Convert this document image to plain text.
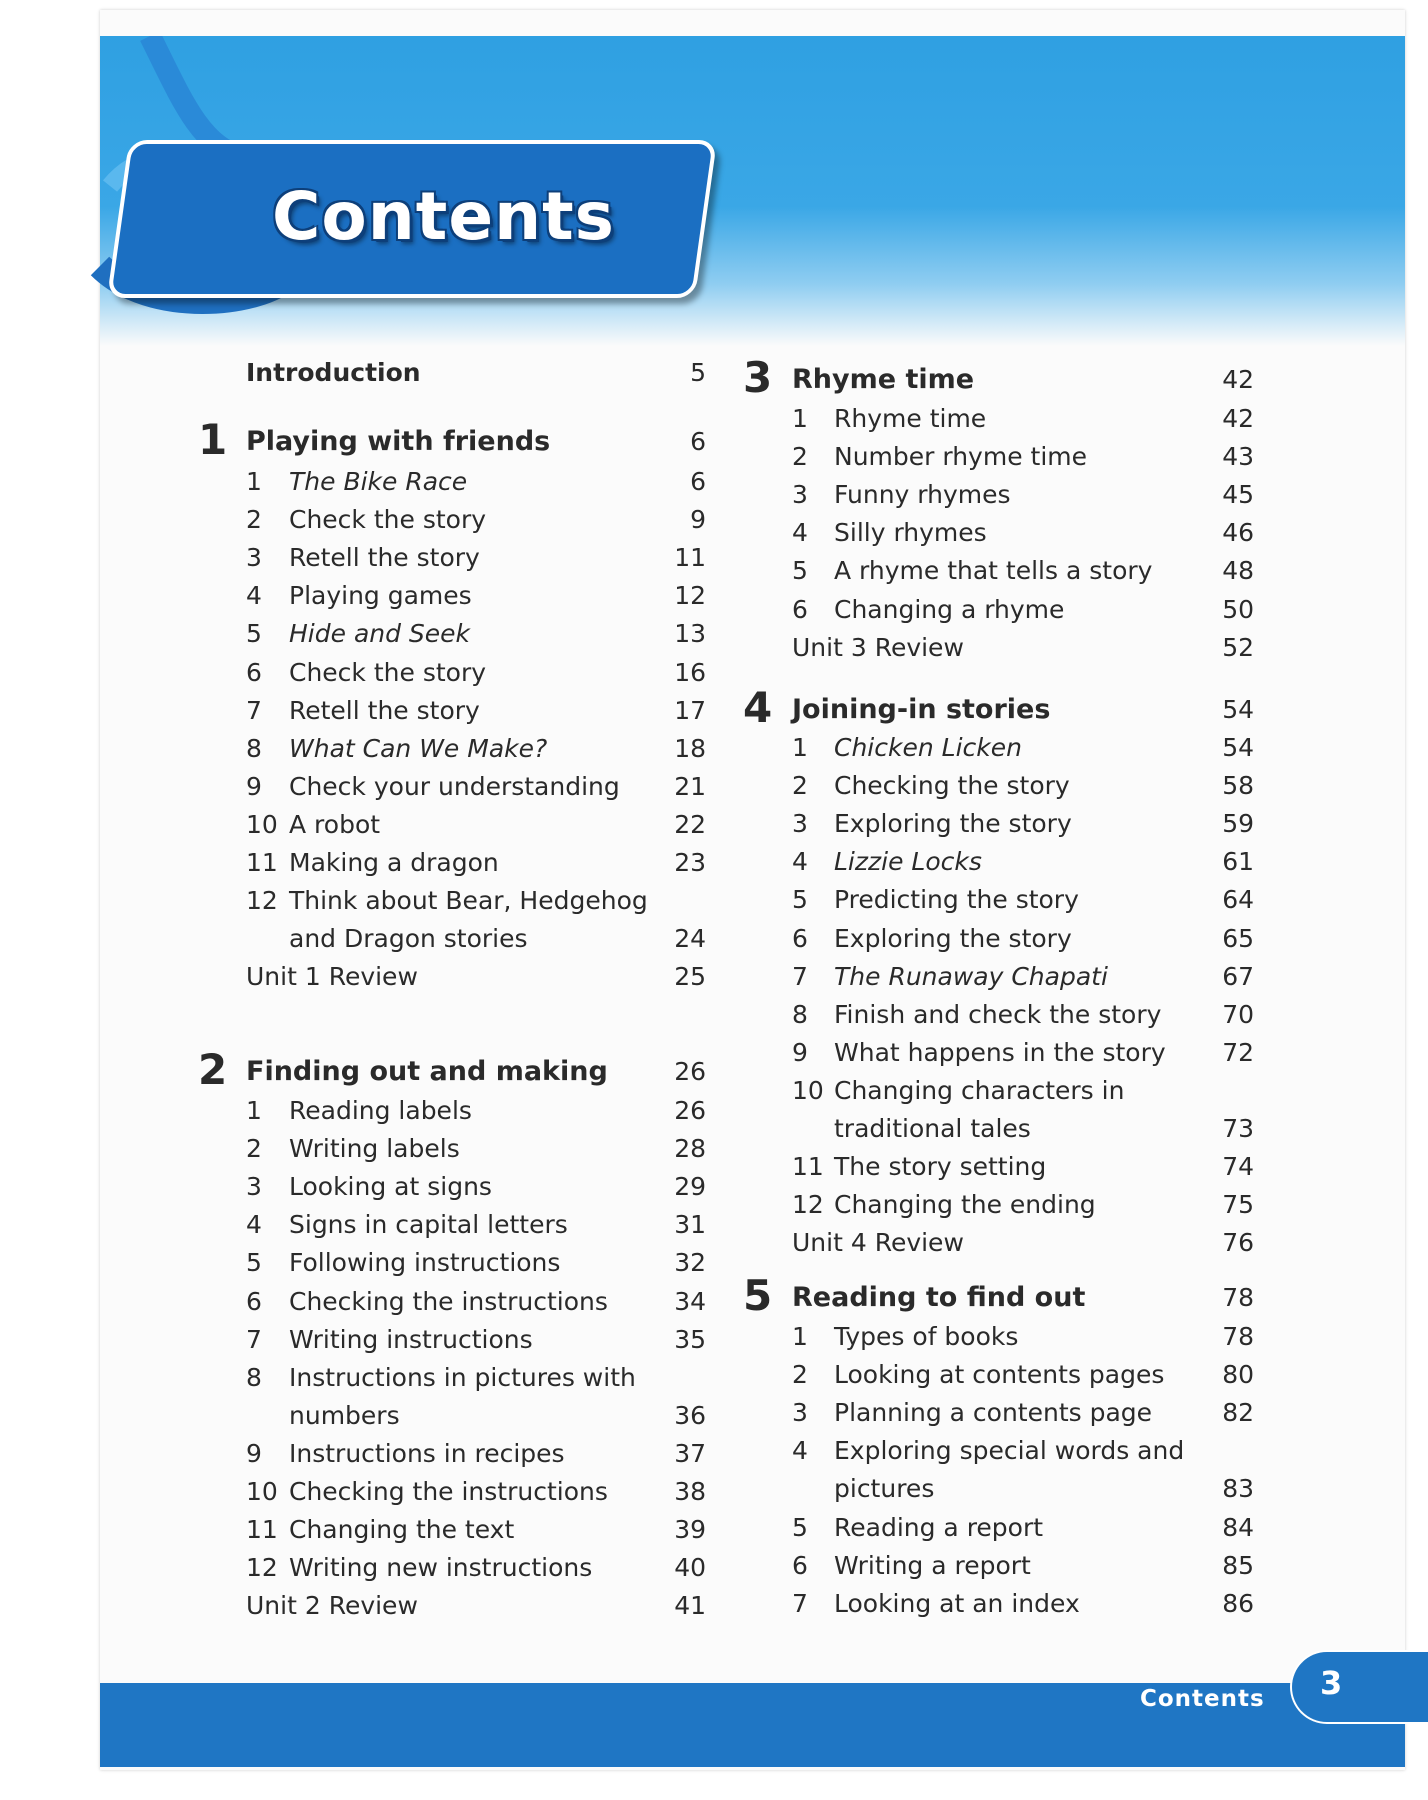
Contents
Introduction	5
1 Playing with friends	6
1 The Bike Race	6
2 Check the story	9
3 Retell the story	11
4 Playing games	12
5 Hide and Seek	13
6 Check the story	16
7 Retell the story	17
8 What Can We Make?	18
9 Check your understanding	21
10 A robot	22
11 Making a dragon	23
12 Think about Bear, Hedgehog
and Dragon stories	24
Unit 1 Review	25
2 Finding out and making	26
1 Reading labels	26
2 Writing labels	28
3 Looking at signs	29
4 Signs in capital letters	31
5 Following instructions	32
6 Checking the instructions	34
7 Writing instructions	35
8 Instructions in pictures with
numbers	36
9 Instructions in recipes	37
10 Checking the instructions	38
11 Changing the text	39
12 Writing new instructions	40
Unit 2 Review	41
3 Rhyme time	42
1 Rhyme time	42
2 Number rhyme time	43
3 Funny rhymes	45
4 Silly rhymes	46
5 A rhyme that tells a story	48
6 Changing a rhyme	50
Unit 3 Review	52
4 Joining-in stories	54
1 Chicken Licken	54
2 Checking the story	58
3 Exploring the story	59
4 Lizzie Locks	61
5 Predicting the story	64
6 Exploring the story	65
7 The Runaway Chapati	67
8 Finish and check the story	70
9 What happens in the story	72
10 Changing characters in
traditional tales	73
11 The story setting	74
12 Changing the ending	75
Unit 4 Review	76
5 Reading to find out	78
1 Types of books	78
2 Looking at contents pages	80
3 Planning a contents page	82
4 Exploring special words and
pictures	83
5 Reading a report	84
6 Writing a report	85
7 Looking at an index	86
Contents 3
